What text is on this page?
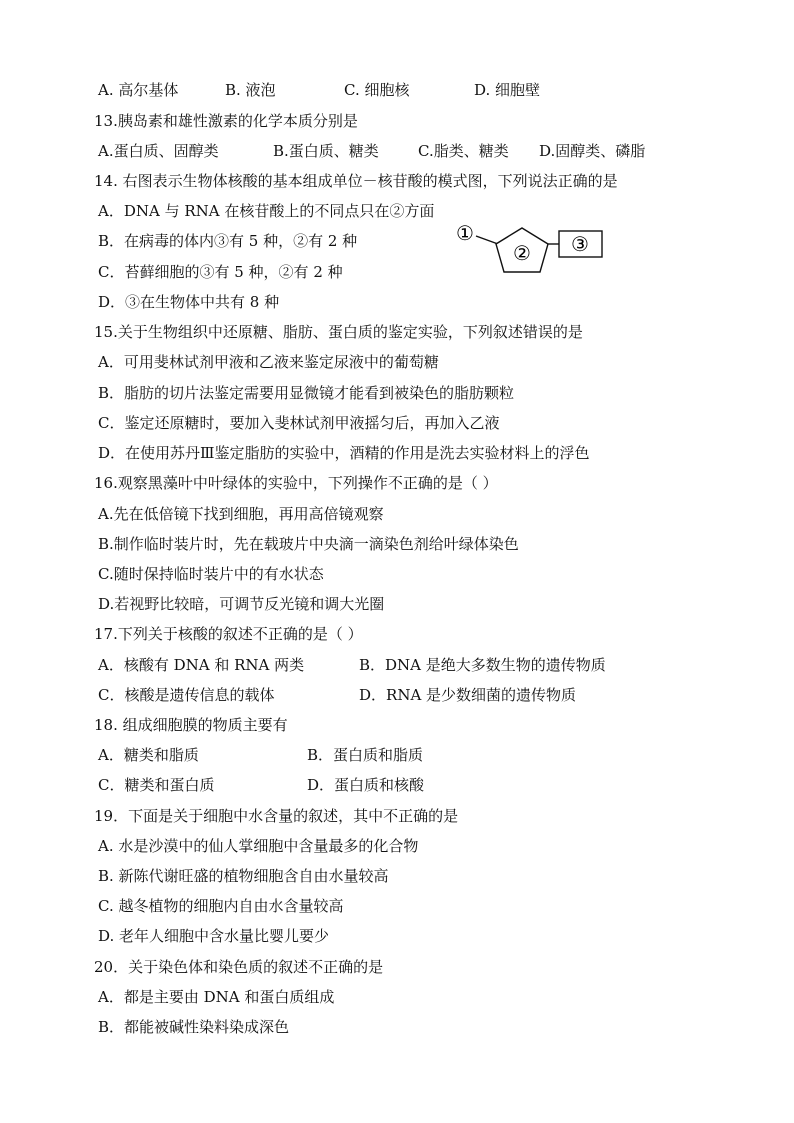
A. 高尔基体	B. 液泡	C. 细胞核	D. 细胞壁
13.胰岛素和雄性激素的化学本质分别是
A.蛋白质、固醇类	B.蛋白质、糖类	C.脂类、糖类 D.固醇类、磷脂
14. 右图表示生物体核酸的基本组成单位－核苷酸的模式图，下列说法正确的是
A．DNA 与 RNA 在核苷酸上的不同点只在②方面
B．在病毒的体内③有 5 种，②有 2 种
C．苔藓细胞的③有 5 种，②有 2 种
D．③在生物体中共有 8 种
①
② ③
15.关于生物组织中还原糖、脂肪、蛋白质的鉴定实验，下列叙述错误的是
A．可用斐林试剂甲液和乙液来鉴定尿液中的葡萄糖
B．脂肪的切片法鉴定需要用显微镜才能看到被染色的脂肪颗粒
C．鉴定还原糖时，要加入斐林试剂甲液摇匀后，再加入乙液
D．在使用苏丹Ⅲ鉴定脂肪的实验中，酒精的作用是洗去实验材料上的浮色
16.观察黑藻叶中叶绿体的实验中，下列操作不正确的是（ ）
A.先在低倍镜下找到细胞，再用高倍镜观察
B.制作临时装片时，先在载玻片中央滴一滴染色剂给叶绿体染色
C.随时保持临时装片中的有水状态
D.若视野比较暗，可调节反光镜和调大光圈
17.下列关于核酸的叙述不正确的是（ ）
A．核酸有 DNA 和 RNA 两类	B．DNA 是绝大多数生物的遗传物质
C．核酸是遗传信息的载体	D．RNA 是少数细菌的遗传物质
18. 组成细胞膜的物质主要有
A．糖类和脂质	B．蛋白质和脂质
C．糖类和蛋白质	D．蛋白质和核酸
19．下面是关于细胞中水含量的叙述，其中不正确的是
A. 水是沙漠中的仙人掌细胞中含量最多的化合物
B. 新陈代谢旺盛的植物细胞含自由水量较高
C. 越冬植物的细胞内自由水含量较高
D. 老年人细胞中含水量比婴儿要少
20．关于染色体和染色质的叙述不正确的是
A．都是主要由 DNA 和蛋白质组成
B．都能被碱性染料染成深色
